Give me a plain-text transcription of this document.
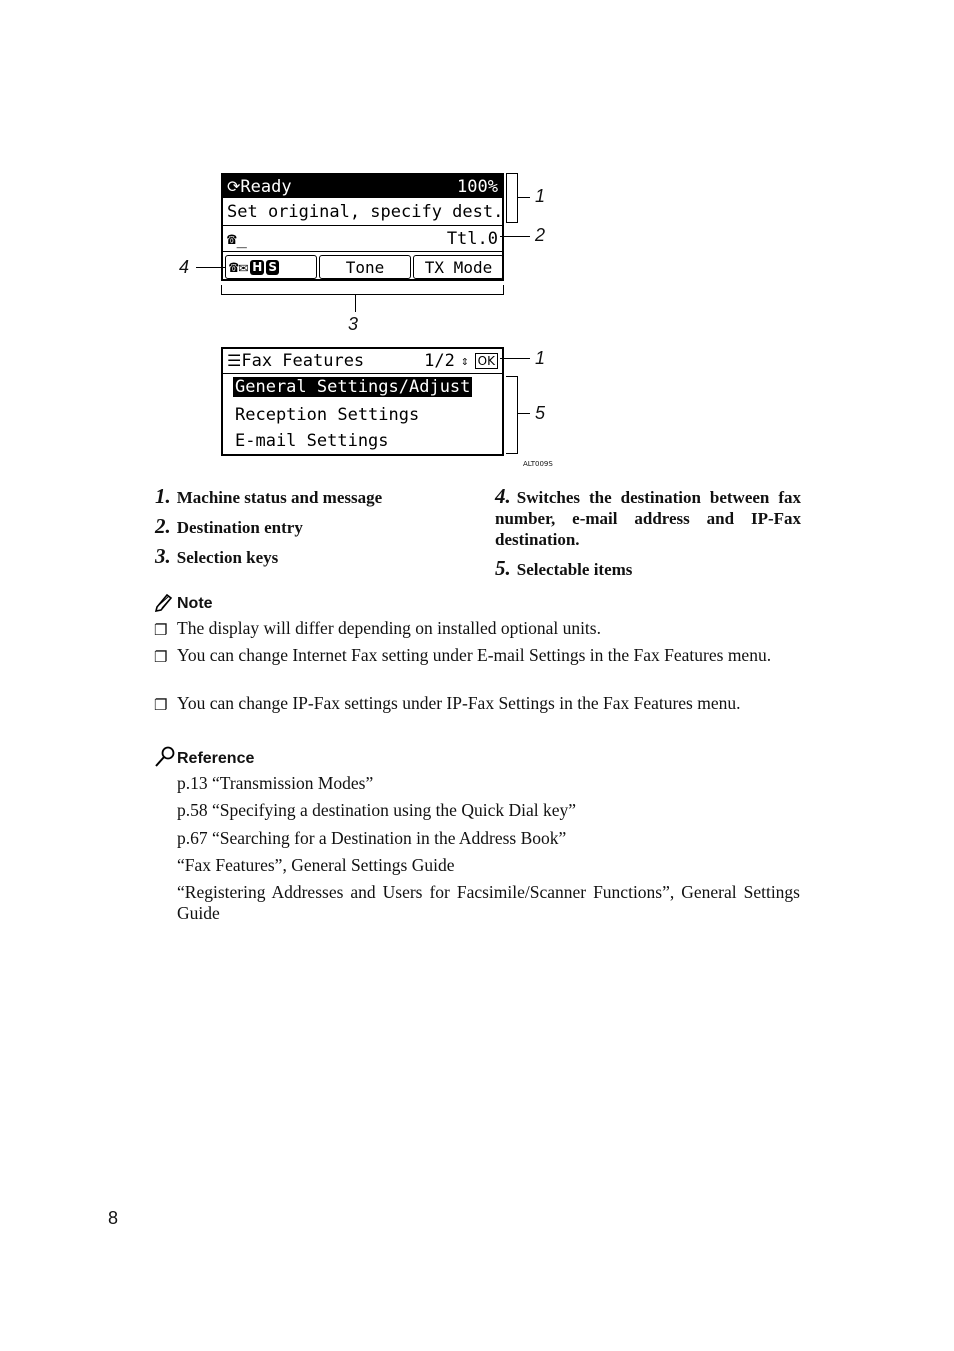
⟳Ready	100%
Set original, specify dest.
☎_	Ttl.0
☎ ✉ H S	Tone	TX Mode
1
2
4
3
☰Fax Features	1/2 ⇕ OK
General Settings/Adjust
Reception Settings
E-mail Settings
1
5
ALT009S
1. Machine status and message
2. Destination entry
3. Selection keys
4. Switches the destination between fax number, e-mail address and IP-Fax destination.
5. Selectable items
Note
❐ The display will differ depending on installed optional units.
❐ You can change Internet Fax setting under E-mail Settings in the Fax Features menu.
❐ You can change IP-Fax settings under IP-Fax Settings in the Fax Features menu.
Reference
p.13 “Transmission Modes”
p.58 “Specifying a destination using the Quick Dial key”
p.67 “Searching for a Destination in the Address Book”
“Fax Features”, General Settings Guide
“Registering Addresses and Users for Facsimile/Scanner Functions”, General Settings Guide
8
